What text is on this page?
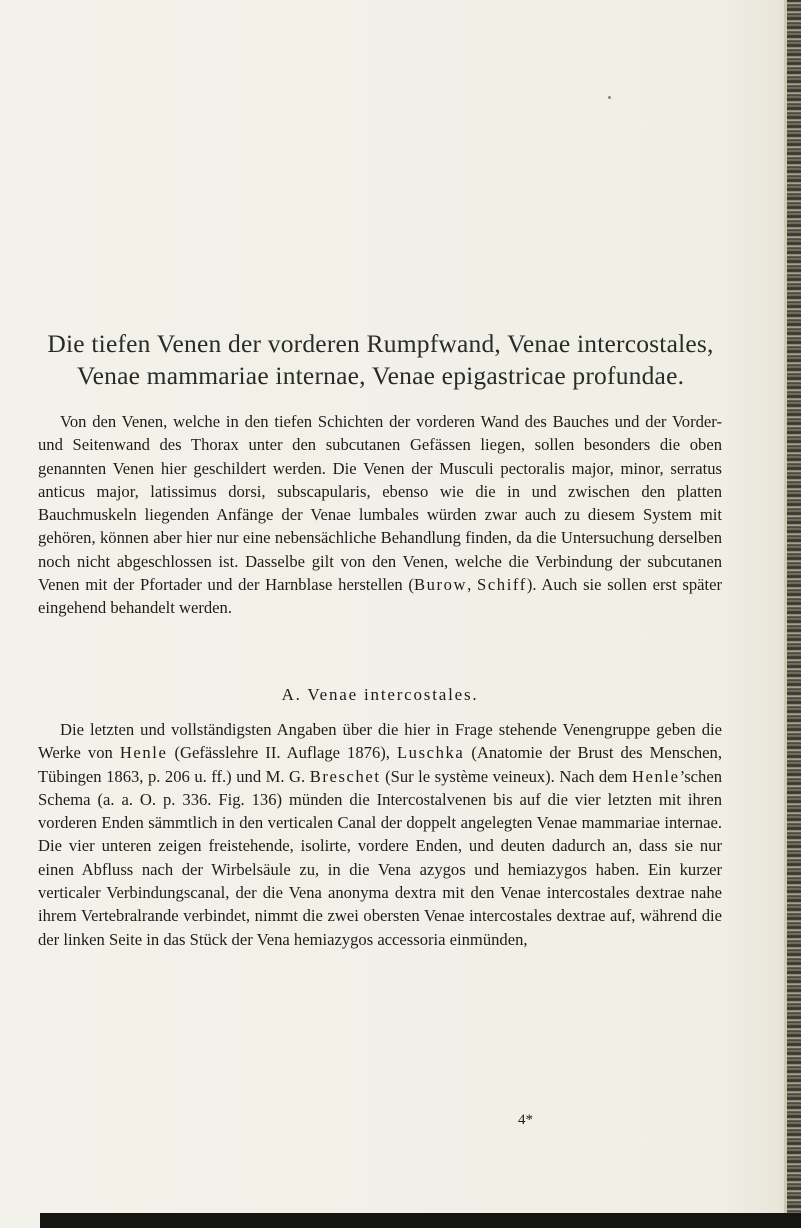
Die tiefen Venen der vorderen Rumpfwand, Venae intercostales, Venae mammariae internae, Venae epigastricae profundae.

Von den Venen, welche in den tiefen Schichten der vorderen Wand des Bauches und der Vorder- und Seitenwand des Thorax unter den subcutanen Gefässen liegen, sollen besonders die oben genannten Venen hier geschildert werden. Die Venen der Musculi pectoralis major, minor, serratus anticus major, latissimus dorsi, subscapularis, ebenso wie die in und zwischen den platten Bauchmuskeln liegenden Anfänge der Venae lumbales würden zwar auch zu diesem System mit gehören, können aber hier nur eine nebensächliche Behandlung finden, da die Untersuchung derselben noch nicht abgeschlossen ist. Dasselbe gilt von den Venen, welche die Verbindung der subcutanen Venen mit der Pfortader und der Harnblase herstellen (Burow, Schiff). Auch sie sollen erst später eingehend behandelt werden.

A. Venae intercostales.

Die letzten und vollständigsten Angaben über die hier in Frage stehende Venengruppe geben die Werke von Henle (Gefässlehre II. Auflage 1876), Luschka (Anatomie der Brust des Menschen, Tübingen 1863, p. 206 u. ff.) und M. G. Breschet (Sur le système veineux). Nach dem Henle’schen Schema (a. a. O. p. 336. Fig. 136) münden die Intercostalvenen bis auf die vier letzten mit ihren vorderen Enden sämmtlich in den verticalen Canal der doppelt angelegten Venae mammariae internae. Die vier unteren zeigen freistehende, isolirte, vordere Enden, und deuten dadurch an, dass sie nur einen Abfluss nach der Wirbelsäule zu, in die Vena azygos und hemiazygos haben. Ein kurzer verticaler Verbindungscanal, der die Vena anonyma dextra mit den Venae intercostales dextrae nahe ihrem Vertebralrande verbindet, nimmt die zwei obersten Venae intercostales dextrae auf, während die der linken Seite in das Stück der Vena hemiazygos accessoria einmünden,

4*
